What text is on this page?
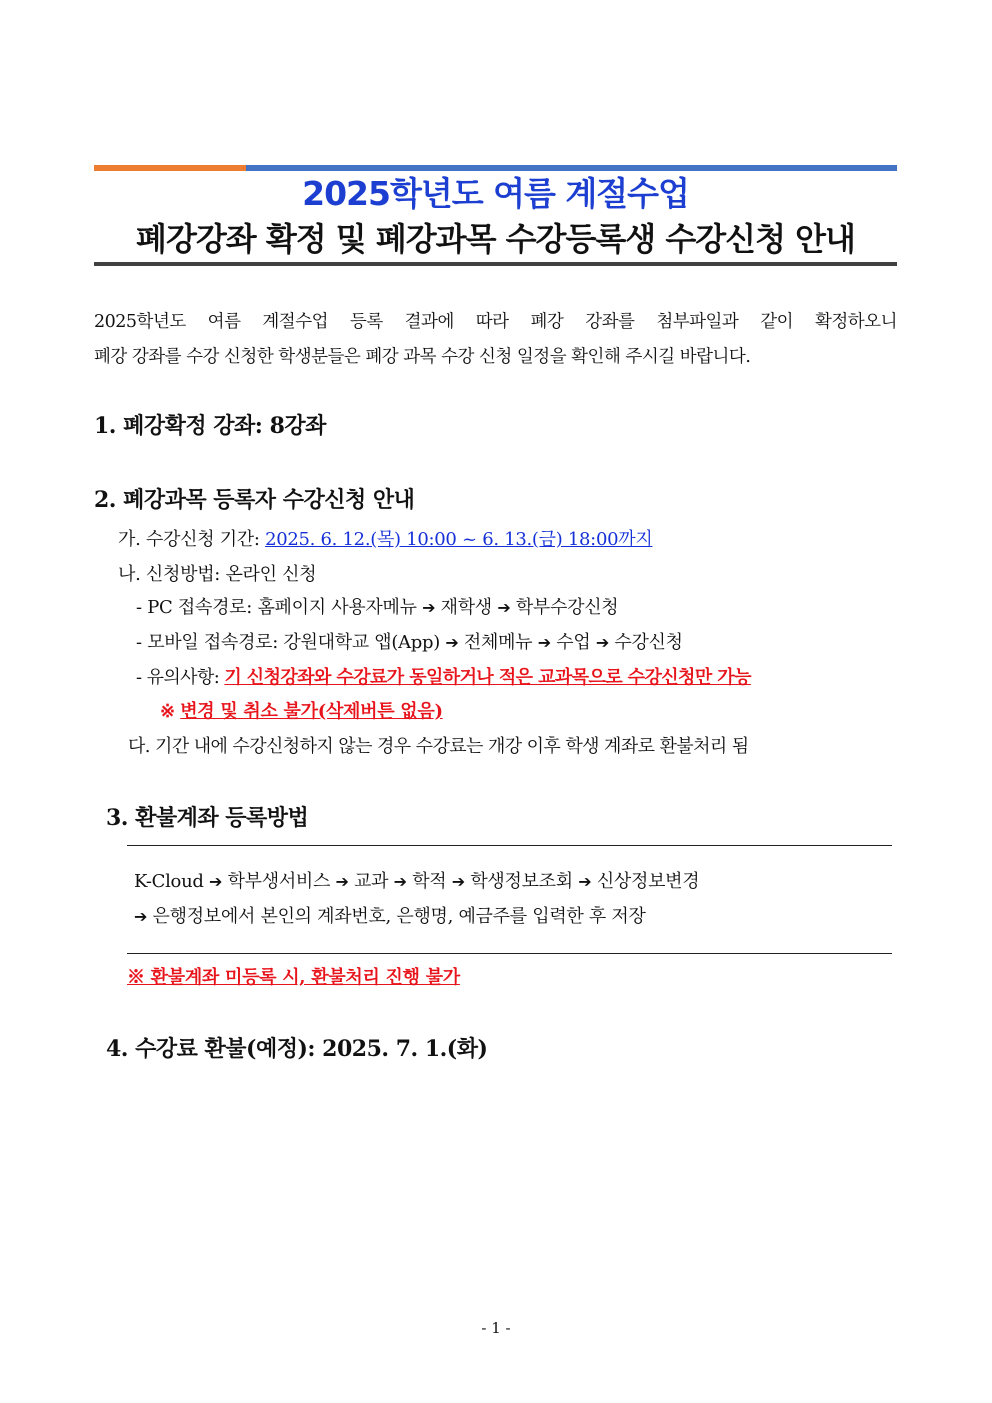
2025학년도 여름 계절수업
폐강강좌 확정 및 폐강과목 수강등록생 수강신청 안내
2025학년도 여름 계절수업 등록 결과에 따라 폐강 강좌를 첨부파일과 같이 확정하오니
폐강 강좌를 수강 신청한 학생분들은 폐강 과목 수강 신청 일정을 확인해 주시길 바랍니다.
1. 폐강확정 강좌: 8강좌
2. 폐강과목 등록자 수강신청 안내
가. 수강신청 기간: 2025. 6. 12.(목) 10:00 ~ 6. 13.(금) 18:00까지
나. 신청방법: 온라인 신청
- PC 접속경로: 홈페이지 사용자메뉴 ➔ 재학생 ➔ 학부수강신청
- 모바일 접속경로: 강원대학교 앱(App) ➔ 전체메뉴 ➔ 수업 ➔ 수강신청
- 유의사항: 기 신청강좌와 수강료가 동일하거나 적은 교과목으로 수강신청만 가능
※ 변경 및 취소 불가(삭제버튼 없음)
다. 기간 내에 수강신청하지 않는 경우 수강료는 개강 이후 학생 계좌로 환불처리 됨
3. 환불계좌 등록방법
K-Cloud ➔ 학부생서비스 ➔ 교과 ➔ 학적 ➔ 학생정보조회 ➔ 신상정보변경
➔ 은행정보에서 본인의 계좌번호, 은행명, 예금주를 입력한 후 저장
※ 환불계좌 미등록 시, 환불처리 진행 불가
4. 수강료 환불(예정): 2025. 7. 1.(화)
- 1 -
